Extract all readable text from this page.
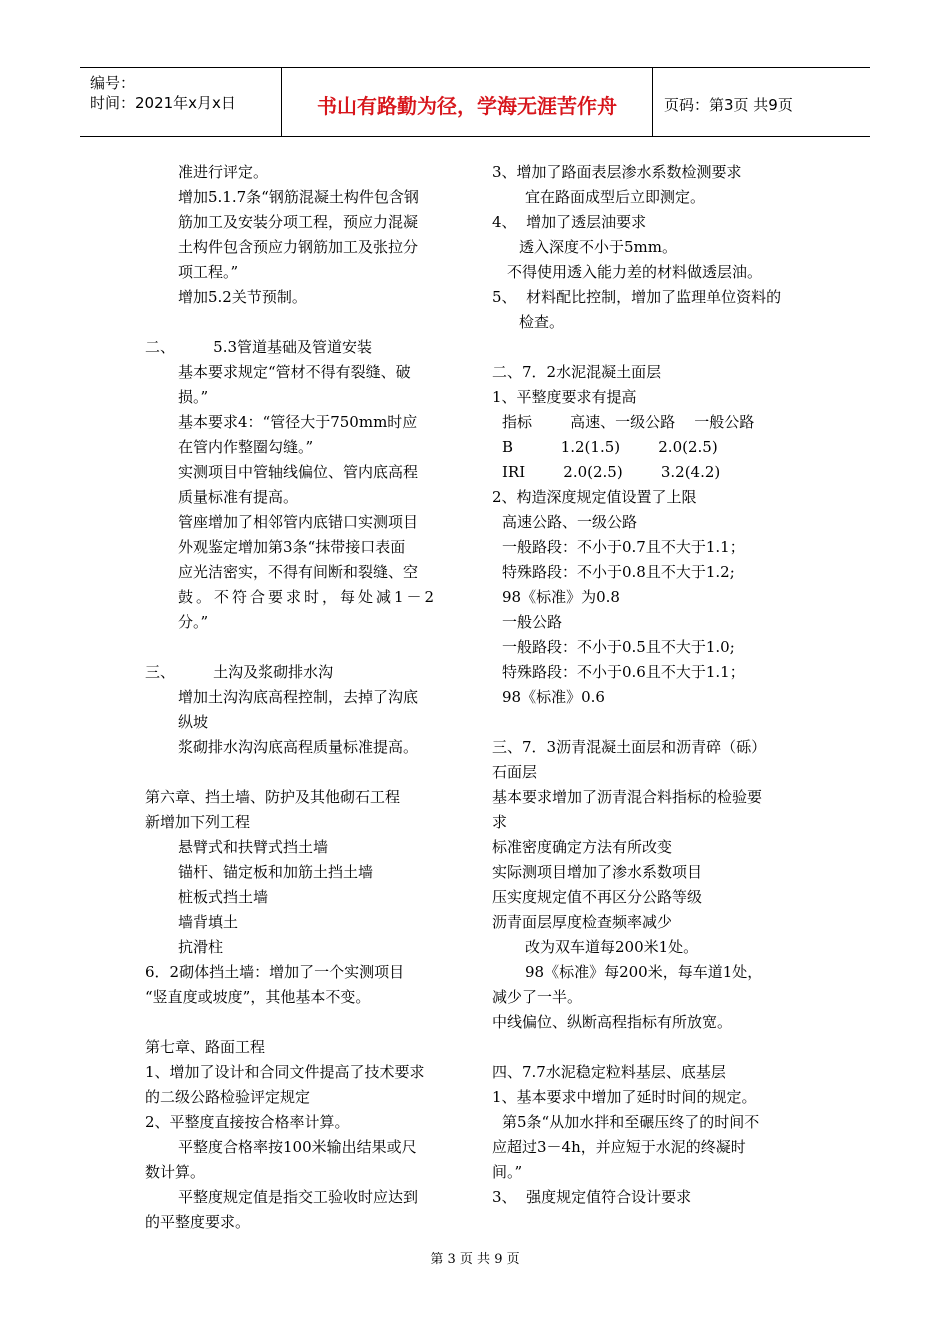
编号：
时间：2021年x月x日	书山有路勤为径，学海无涯苦作舟	页码：第3页 共9页
准进行评定。
增加5.1.7条“钢筋混凝土构件包含钢
筋加工及安装分项工程，预应力混凝
土构件包含预应力钢筋加工及张拉分
项工程。”
增加5.2关节预制。
二、        5.3管道基础及管道安装
基本要求规定“管材不得有裂缝、破
损。”
基本要求4：“管径大于750mm时应
在管内作整圈勾缝。”
实测项目中管轴线偏位、管内底高程
质量标准有提高。
管座增加了相邻管内底错口实测项目
外观鉴定增加第3条“抹带接口表面
应光洁密实，不得有间断和裂缝、空
鼓。不符合要求时，每处减1－2
分。”
三、        土沟及浆砌排水沟
增加土沟沟底高程控制，去掉了沟底
纵坡
浆砌排水沟沟底高程质量标准提高。
第六章、挡土墙、防护及其他砌石工程
新增加下列工程
悬臂式和扶臂式挡土墙
锚杆、锚定板和加筋土挡土墙
桩板式挡土墙
墙背填土
抗滑柱
6．2砌体挡土墙：增加了一个实测项目
“竖直度或坡度”，其他基本不变。
第七章、路面工程
1、增加了设计和合同文件提高了技术要求
的二级公路检验评定规定
2、平整度直接按合格率计算。
平整度合格率按100米输出结果或尺
数计算。
平整度规定值是指交工验收时应达到
的平整度要求。
3、增加了路面表层渗水系数检测要求
宜在路面成型后立即测定。
4、  增加了透层油要求
透入深度不小于5mm。
不得使用透入能力差的材料做透层油。
5、  材料配比控制，增加了监理单位资料的
检查。
二、7．2水泥混凝土面层
1、平整度要求有提高
指标        高速、一级公路    一般公路
B          1.2(1.5)        2.0(2.5)
IRI        2.0(2.5)        3.2(4.2)
2、构造深度规定值设置了上限
高速公路、一级公路
一般路段：不小于0.7且不大于1.1；
特殊路段：不小于0.8且不大于1.2;
98《标准》为0.8
一般公路
一般路段：不小于0.5且不大于1.0;
特殊路段：不小于0.6且不大于1.1；
98《标准》0.6
三、7．3沥青混凝土面层和沥青碎（砾）
石面层
基本要求增加了沥青混合料指标的检验要
求
标准密度确定方法有所改变
实际测项目增加了渗水系数项目
压实度规定值不再区分公路等级
沥青面层厚度检查频率减少
改为双车道每200米1处。
98《标准》每200米，每车道1处，
减少了一半。
中线偏位、纵断高程指标有所放宽。
四、7.7水泥稳定粒料基层、底基层
1、基本要求中增加了延时时间的规定。
第5条“从加水拌和至碾压终了的时间不
应超过3－4h，并应短于水泥的终凝时
间。”
3、  强度规定值符合设计要求
第 3 页 共 9 页
